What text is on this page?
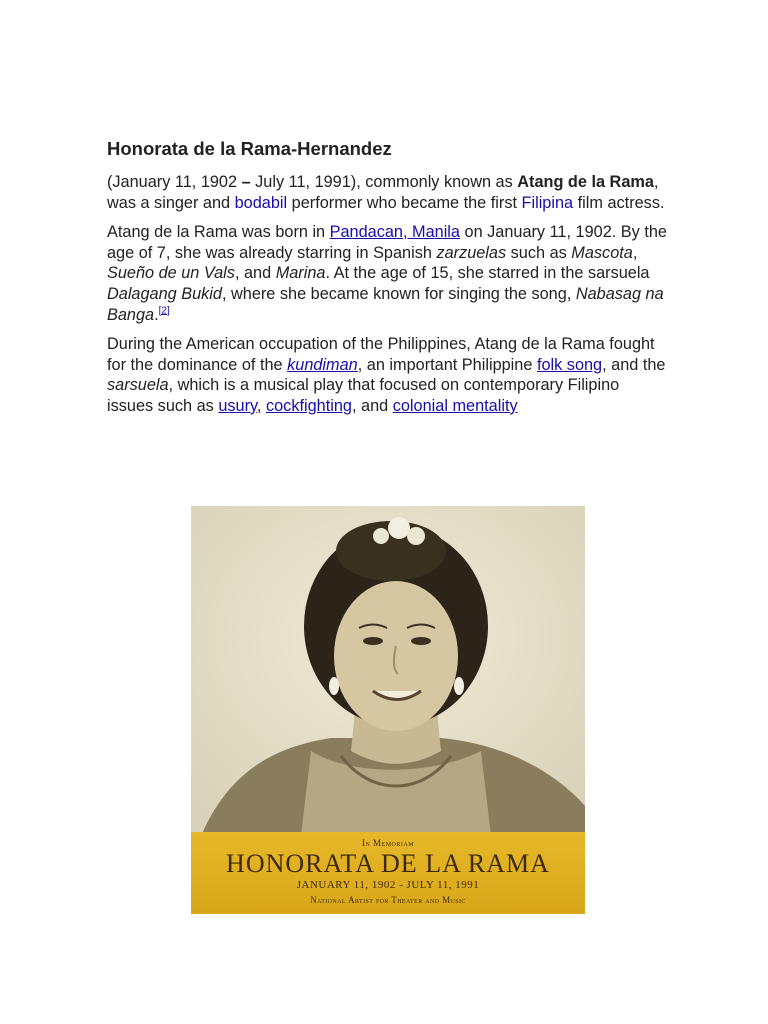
Honorata de la Rama-Hernandez

(January 11, 1902 – July 11, 1991), commonly known as Atang de la Rama, was a singer and bodabil performer who became the first Filipina film actress.

Atang de la Rama was born in Pandacan, Manila on January 11, 1902. By the age of 7, she was already starring in Spanish zarzuelas such as Mascota, Sueño de un Vals, and Marina. At the age of 15, she starred in the sarsuela Dalagang Bukid, where she became known for singing the song, Nabasag na Banga.[2]

During the American occupation of the Philippines, Atang de la Rama fought for the dominance of the kundiman, an important Philippine folk song, and the sarsuela, which is a musical play that focused on contemporary Filipino issues such as usury, cockfighting, and colonial mentality

In Memoriam
HONORATA DE LA RAMA
JANUARY 11, 1902 - JULY 11, 1991
National Artist for Theater and Music
